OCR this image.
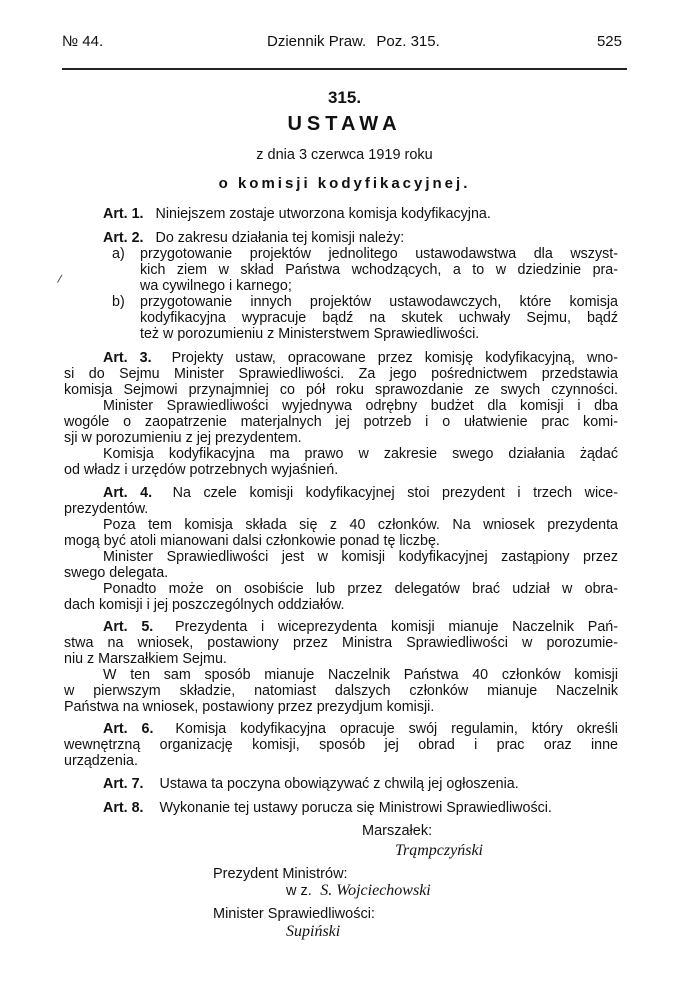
№ 44.	Dziennik Praw. Poz. 315.	525
315.
USTAWA
z dnia 3 czerwca 1919 roku
o komisji kodyfikacyjnej.
/
Art. 1. Niniejszem zostaje utworzona komisja kodyfikacyjna.
Art. 2. Do zakresu działania tej komisji należy:
a) przygotowanie projektów jednolitego ustawodawstwa dla wszyst-
kich ziem w skład Państwa wchodzących, a to w dziedzinie pra-
wa cywilnego i karnego;
b) przygotowanie innych projektów ustawodawczych, które komisja
kodyfikacyjna wypracuje bądź na skutek uchwały Sejmu, bądź
też w porozumieniu z Ministerstwem Sprawiedliwości.
Art. 3. Projekty ustaw, opracowane przez komisję kodyfikacyjną, wno-
si do Sejmu Minister Sprawiedliwości. Za jego pośrednictwem przedstawia
komisja Sejmowi przynajmniej co pół roku sprawozdanie ze swych czynności.
Minister Sprawiedliwości wyjednywa odrębny budżet dla komisji i dba
wogóle o zaopatrzenie materjalnych jej potrzeb i o ułatwienie prac komi-
sji w porozumieniu z jej prezydentem.
Komisja kodyfikacyjna ma prawo w zakresie swego działania żądać
od władz i urzędów potrzebnych wyjaśnień.
Art. 4. Na czele komisji kodyfikacyjnej stoi prezydent i trzech wice-
prezydentów.
Poza tem komisja składa się z 40 członków. Na wniosek prezydenta
mogą być atoli mianowani dalsi członkowie ponad tę liczbę.
Minister Sprawiedliwości jest w komisji kodyfikacyjnej zastąpiony przez
swego delegata.
Ponadto może on osobiście lub przez delegatów brać udział w obra-
dach komisji i jej poszczególnych oddziałów.
Art. 5. Prezydenta i wiceprezydenta komisji mianuje Naczelnik Pań-
stwa na wniosek, postawiony przez Ministra Sprawiedliwości w porozumie-
niu z Marszałkiem Sejmu.
W ten sam sposób mianuje Naczelnik Państwa 40 członków komisji
w pierwszym składzie, natomiast dalszych członków mianuje Naczelnik
Państwa na wniosek, postawiony przez prezydjum komisji.
Art. 6. Komisja kodyfikacyjna opracuje swój regulamin, który określi
wewnętrzną organizację komisji, sposób jej obrad i prac oraz inne
urządzenia.
Art. 7. Ustawa ta poczyna obowiązywać z chwilą jej ogłoszenia.
Art. 8. Wykonanie tej ustawy porucza się Ministrowi Sprawiedliwości.
Marszałek:
Trąmpczyński
Prezydent Ministrów:
w z. S. Wojciechowski
Minister Sprawiedliwości:
Supiński
